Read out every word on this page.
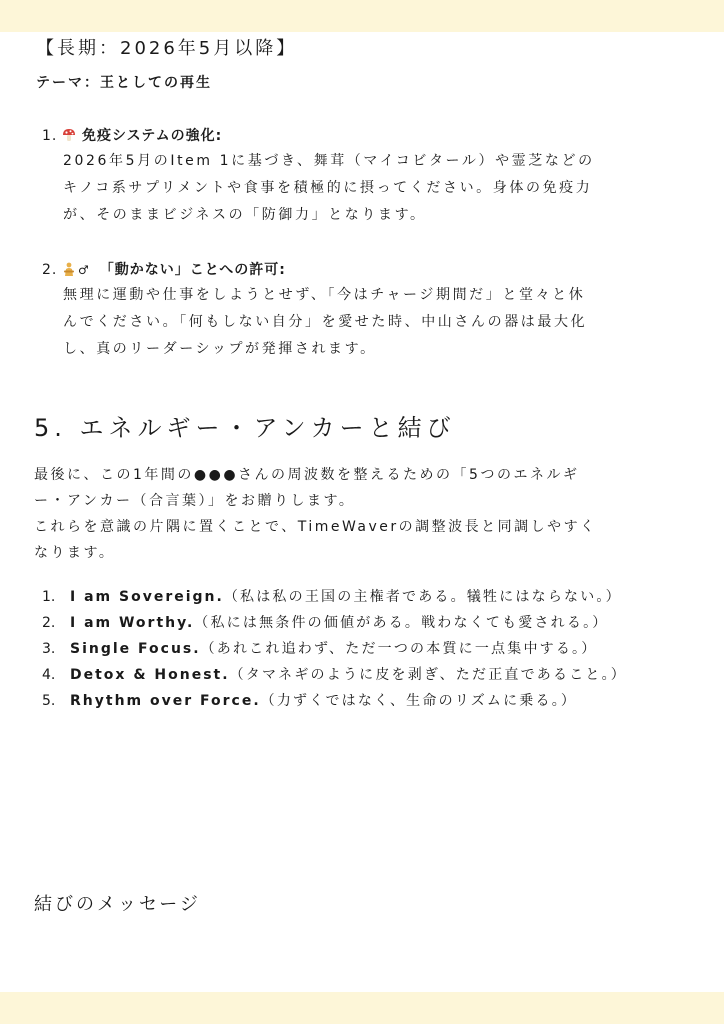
【長期：2026年5月以降】
テーマ：王としての再生
1. 免疫システムの強化:
2026年5月のItem 1に基づき、舞茸（マイコビタール）や霊芝などの
キノコ系サプリメントや食事を積極的に摂ってください。身体の免疫力
が、そのままビジネスの「防御力」となります。
2. ♂ 「動かない」ことへの許可:
無理に運動や仕事をしようとせず、「今はチャージ期間だ」と堂々と休
んでください。「何もしない自分」を愛せた時、中山さんの器は最大化
し、真のリーダーシップが発揮されます。
5. エネルギー・アンカーと結び
最後に、この1年間の●●●さんの周波数を整えるための「5つのエネルギ
ー・アンカー（合言葉）」をお贈りします。
これらを意識の片隅に置くことで、TimeWaverの調整波長と同調しやすく
なります。
1. I am Sovereign.（私は私の王国の主権者である。犠牲にはならない。）
2. I am Worthy.（私には無条件の価値がある。戦わなくても愛される。）
3. Single Focus.（あれこれ追わず、ただ一つの本質に一点集中する。）
4. Detox & Honest.（タマネギのように皮を剥ぎ、ただ正直であること。）
5. Rhythm over Force.（力ずくではなく、生命のリズムに乗る。）
結びのメッセージ
